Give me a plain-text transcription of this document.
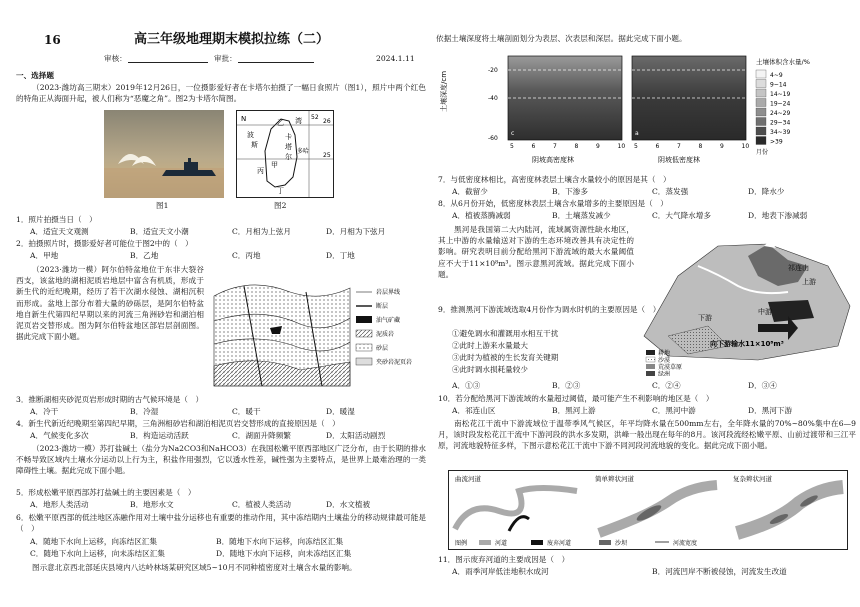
16	高三年级地理期末模拟拉练（二）
审核：	审批：	2024.1.11
一、选择题
（2023·潍坊高三期末）2019年12月26日，一位摄影爱好者在卡塔尔拍摄了一幅日食照片（图1），照片中两个红色的特角正从海面升起，被人们称为“恶魔之角”。图2为卡塔尔简图。
图1
波
斯
湾
多哈
卡
塔
尔
乙
丙
甲
丁
26
25
52
N
图2
1．照片拍摄当日（　）
A．适宜天文观测	B．适宜天文小潮	C．月相为上弦月	D．月相为下弦月
2．拍摄照片时，摄影爱好者可能位于图2中的（　）
A．甲地	B．乙地	C．丙地	D．丁地
（2023·潍坊一模）阿尔伯特盆地位于东非大裂谷西支，该盆地的湖相泥质岩地层中富含有机质，形成于新生代的近纪晚期，经历了若干次湖水侵蚀、湖相沉积而形成。盆地上部分布着大量的砂砾层，是阿尔伯特盆地自新生代第四纪早期以来的河流三角洲砂岩和湖泊相泥页岩交替形成。图为阿尔伯特盆地区部岩层剖面图。据此完成下面小题。
岩层界线
断层
油气矿藏
泥质岩
砂层
夹砂岩泥页岩
3．推断湖相夹砂泥页岩形成时期的古气候环境是（　）
A．冷干	B．冷湿	C．暖干	D．暖湿
4．新生代新近纪晚期至第四纪早期，三角洲相砂岩和湖泊相泥页岩交替形成的直接原因是（　）
A．气候变化多次	B．构造运动活跃	C．湖面升降频繁	D．太阳活动剧烈
（2023·潍坊一模）苏打盐碱土（盐分为Na2CO3和NaHCO3）在我国松嫩平原西部地区广泛分布，由于长期的排水不畅导致区域内土壤水分运动以上行为主，积盐作用强烈，它以透水性差，碱性强为主要特点，是世界上最难治理的一类障碍性土壤。据此完成下面小题。
5．形成松嫩平原西部苏打盐碱土的主要因素是（　）
A．地形人类活动	B．地形水文	C．植被人类活动	D．水文植被
6．松嫩平原西部的低洼地区冻融作用对土壤中盐分运移也有重要的推动作用，其中冻结期内土壤盐分的移动规律最可能是（　）
A．随地下水向上运移，向冻结区汇集	B．随地下水向下运移，向冻结区汇集
C．随地下水向上运移，向未冻结区汇集	D．随地下水向下运移，向未冻结区汇集
图示意北京西北部延庆县境内八达岭林场某研究区域5~10月不同种植密度对土壤含水量的影响。
依据土壤深度将土壤剖面划分为表层、次表层和深层。据此完成下面小题。
土壤深度/cm
-20
-40
-60
c	a
5	6	7	8	9	10 5	6	7	8	9	10
阴坡高密度林	阴坡低密度林
月份
土壤体积含水量/%
4~9
9~14
14~19
19~24
24~29
29~34
34~39
>39
7．与低密度林相比，高密度林表层土壤含水量较小的原因是其（　）
A．截留少	B．下渗多	C．蒸发强	D．降水少
8．从6月份开始，低密度林表层土壤含水量增多的主要原因是（　）
A．植被蒸腾减弱	B．土壤蒸发减少	C．大气降水增多	D．地表下渗减弱
黑河是我国第二大内陆河，流域属资源性缺水地区，其上中游的水量输送对下游的生态环境改善具有决定性的影响。研究表明目前分配给黑河下游流域的最大水量阈值应不大于11×10⁸m³。图示意黑河流域。据此完成下面小题。
祁连山
上游
中游
下游
向下游输水11×10⁸m³
耕地
沙漠
荒漠草原
绿洲
9．推测黑河下游流域选取4月份作为调水时机的主要原因是（　）
①避免调水和灌溉用水相互干扰
②此时上游来水量最大
③此时为植被的生长发育关键期
④此时调水损耗量较少
A．①③	B．②③	C．②④	D．③④
10．若分配给黑河下游流域的水量超过阈值，最可能产生不利影响的地区是（　）
A．祁连山区	B．黑河上游	C．黑河中游	D．黑河下游
南松花江干流中下游流域位于温带季风气候区，年平均降水量在500mm左右，全年降水量的70%~80%集中在6—9月，该时段发松花江干流中下游河段的洪水多发期，洪峰一般出现在每年的8月。该河段流经松嫩平原、山前过渡带和三江平原，河流地貌特征多样，下图示意松花江干流中下游不同河段河流地貌的变化。据此完成下面小题。
曲流河道	简单辫状河道	复杂辫状河道
图例	河道	废弃河道	沙坝	河流宽度
11．图示废弃河道的主要成因是（　）
A．雨季河岸低洼地积水成河	B．河流凹岸不断被侵蚀，河流发生改道
